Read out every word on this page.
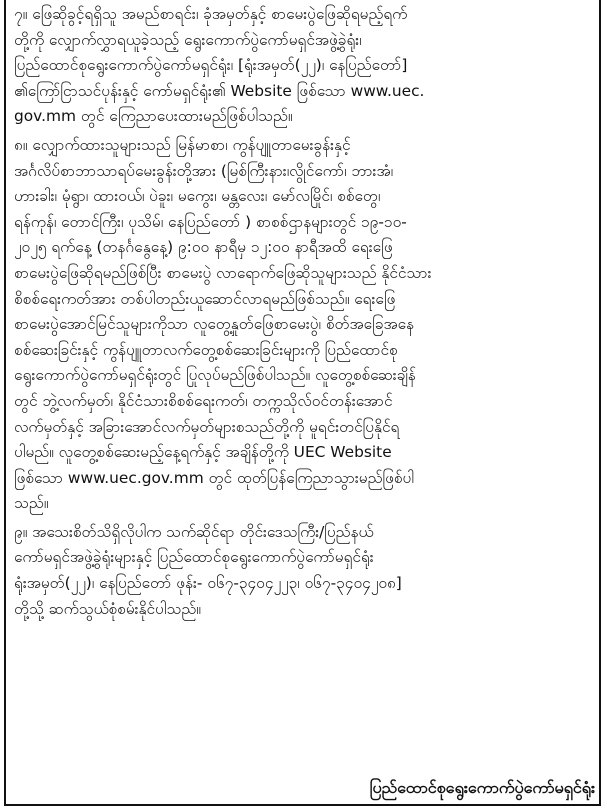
၇။ ဖြေဆိုခွင့်ရရှိသူ အမည်စာရင်း၊ ခုံအမှတ်နှင့် စာမေးပွဲဖြေဆိုရမည့်ရက်
တို့ကို လျှောက်လွှာရယူခဲ့သည့် ရွေးကောက်ပွဲကော်မရှင်အဖွဲ့ခွဲရုံး၊
ပြည်ထောင်စုရွေးကောက်ပွဲကော်မရှင်ရုံး၊ [ရုံးအမှတ်(၂၂)၊ နေပြည်တော်]
၏ကြော်ငြာသင်ပုန်းနှင့် ကော်မရှင်ရုံး၏ Website ဖြစ်သော www.uec.
gov.mm တွင် ကြေညာပေးထားမည်ဖြစ်ပါသည်။

၈။ လျှောက်ထားသူများသည် မြန်မာစာ၊ ကွန်ပျူတာမေးခွန်းနှင့်
အင်္ဂလိပ်စာဘာသာရပ်မေးခွန်းတို့အား (မြစ်ကြီးနား၊လွိုင်ကော်၊ ဘားအံ၊
ဟားခါး၊ မုံရွာ၊ ထားဝယ်၊ ပဲခူး၊ မကွေး၊ မန္တလေး၊ မော်လမြိုင်၊ စစ်တွေ၊
ရန်ကုန်၊ တောင်ကြီး၊ ပုသိမ်၊ နေပြည်တော် ) စာစစ်ဌာနများတွင် ၁၉-၁၀-
၂၀၂၅ ရက်နေ့ (တနင်္ဂနွေနေ့) ၉:၀၀ နာရီမှ ၁၂:၀၀ နာရီအထိ ရေးဖြေ
စာမေးပွဲဖြေဆိုရမည်ဖြစ်ပြီး စာမေးပွဲ လာရောက်ဖြေဆိုသူများသည် နိုင်ငံသား
စိစစ်ရေးကတ်အား တစ်ပါတည်းယူဆောင်လာရမည်ဖြစ်သည်။ ရေးဖြေ
စာမေးပွဲအောင်မြင်သူများကိုသာ လူတွေ့နှုတ်ဖြေစာမေးပွဲ၊ စိတ်အခြေအနေ
စစ်ဆေးခြင်းနှင့် ကွန်ပျူတာလက်တွေ့စစ်ဆေးခြင်းများကို ပြည်ထောင်စု
ရွေးကောက်ပွဲကော်မရှင်ရုံးတွင် ပြုလုပ်မည်ဖြစ်ပါသည်။ လူတွေ့စစ်ဆေးချိန်
တွင် ဘွဲ့လက်မှတ်၊ နိုင်ငံသားစိစစ်ရေးကတ်၊ တက္ကသိုလ်ဝင်တန်းအောင်
လက်မှတ်နှင့် အခြားအောင်လက်မှတ်များစသည်တို့ကို မူရင်းတင်ပြနိုင်ရ
ပါမည်။ လူတွေ့စစ်ဆေးမည့်နေ့ရက်နှင့် အချိန်တို့ကို UEC Website
ဖြစ်သော www.uec.gov.mm တွင် ထုတ်ပြန်ကြေညာသွားမည်ဖြစ်ပါ
သည်။

၉။ အသေးစိတ်သိရှိလိုပါက သက်ဆိုင်ရာ တိုင်းဒေသကြီး/ပြည်နယ်
ကော်မရှင်အဖွဲ့ခွဲရုံးများနှင့် ပြည်ထောင်စုရွေးကောက်ပွဲကော်မရှင်ရုံး
ရုံးအမှတ်(၂၂)၊ နေပြည်တော် ဖုန်း- ၀၆၇-၃၄၀၄၂၂၃၊ ၀၆၇-၃၄၀၄၂၀၈]
တို့သို့ ဆက်သွယ်စုံစမ်းနိုင်ပါသည်။

ပြည်ထောင်စုရွေးကောက်ပွဲကော်မရှင်ရုံး
